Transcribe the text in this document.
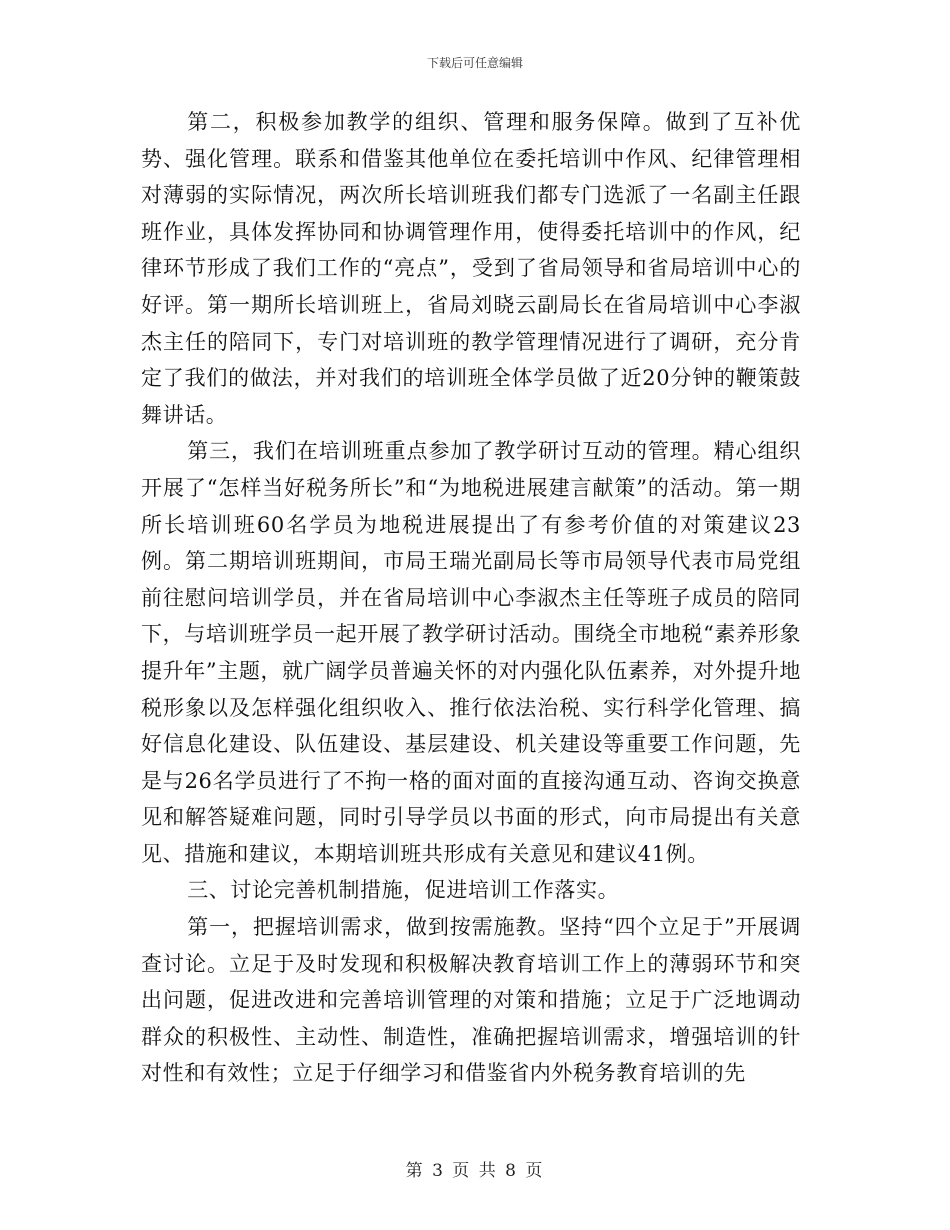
下载后可任意编辑

第二，积极参加教学的组织、管理和服务保障。做到了互补优势、强化管理。联系和借鉴其他单位在委托培训中作风、纪律管理相对薄弱的实际情况，两次所长培训班我们都专门选派了一名副主任跟班作业，具体发挥协同和协调管理作用，使得委托培训中的作风，纪律环节形成了我们工作的“亮点”，受到了省局领导和省局培训中心的好评。第一期所长培训班上，省局刘晓云副局长在省局培训中心李淑杰主任的陪同下，专门对培训班的教学管理情况进行了调研，充分肯定了我们的做法，并对我们的培训班全体学员做了近20分钟的鞭策鼓舞讲话。

第三，我们在培训班重点参加了教学研讨互动的管理。精心组织开展了“怎样当好税务所长”和“为地税进展建言献策”的活动。第一期所长培训班60名学员为地税进展提出了有参考价值的对策建议23例。第二期培训班期间，市局王瑞光副局长等市局领导代表市局党组前往慰问培训学员，并在省局培训中心李淑杰主任等班子成员的陪同下，与培训班学员一起开展了教学研讨活动。围绕全市地税“素养形象提升年”主题，就广阔学员普遍关怀的对内强化队伍素养，对外提升地税形象以及怎样强化组织收入、推行依法治税、实行科学化管理、搞好信息化建设、队伍建设、基层建设、机关建设等重要工作问题，先是与26名学员进行了不拘一格的面对面的直接沟通互动、咨询交换意见和解答疑难问题，同时引导学员以书面的形式，向市局提出有关意见、措施和建议，本期培训班共形成有关意见和建议41例。

三、讨论完善机制措施，促进培训工作落实。

第一，把握培训需求，做到按需施教。坚持“四个立足于”开展调查讨论。立足于及时发现和积极解决教育培训工作上的薄弱环节和突出问题，促进改进和完善培训管理的对策和措施；立足于广泛地调动群众的积极性、主动性、制造性，准确把握培训需求，增强培训的针对性和有效性；立足于仔细学习和借鉴省内外税务教育培训的先

第 3 页 共 8 页
